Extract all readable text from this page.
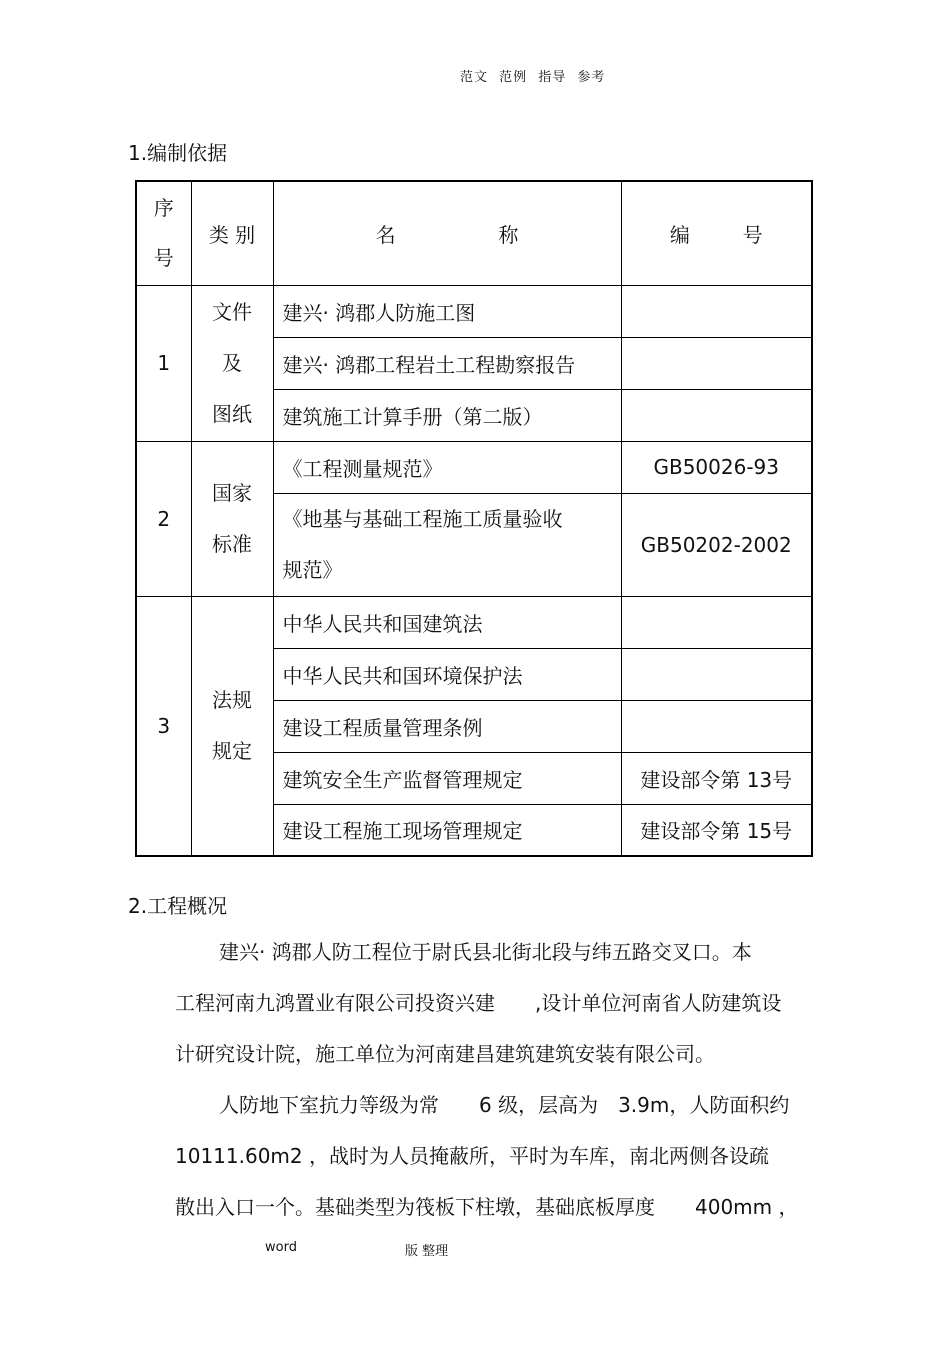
范文 范例 指导 参考
1.编制依据
序
号	类 别	名 称	编 号
1	文件
及
图纸	建兴· 鸿郡人防施工图	
		建兴· 鸿郡工程岩土工程勘察报告	
		建筑施工计算手册（第二版）	
2	国家
标准	《工程测量规范》	GB50026-93

		《地基与基础工程施工质量验收
规范》	GB50202-2002
3	法规
规定	中华人民共和国建筑法	
		中华人民共和国环境保护法	
		建设工程质量管理条例	
		建筑安全生产监督管理规定	建设部令第 13号
		建设工程施工现场管理规定	建设部令第 15号
2.工程概况
建兴· 鸿郡人防工程位于尉氏县北街北段与纬五路交叉口。本
工程河南九鸿置业有限公司投资兴建　　,设计单位河南省人防建筑设
计研究设计院，施工单位为河南建昌建筑建筑安装有限公司。
人防地下室抗力等级为常　　6 级，层高为　3.9m，人防面积约
10111.60m2 ，战时为人员掩蔽所，平时为车库，南北两侧各设疏
散出入口一个。基础类型为筏板下柱墩，基础底板厚度　　400mm ，
word	版 整理
